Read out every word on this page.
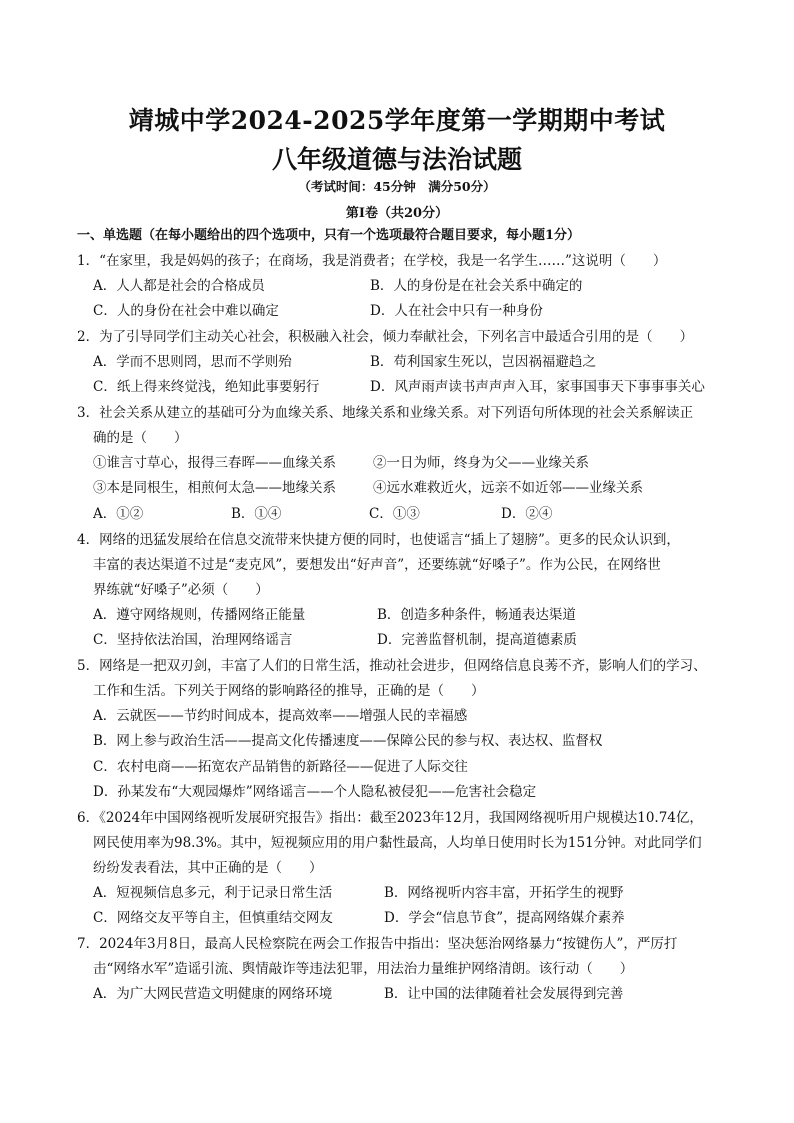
靖城中学2024-2025学年度第一学期期中考试
八年级道德与法治试题
（考试时间：45分钟　满分50分）
第Ⅰ卷（共20分）
一、单选题（在每小题给出的四个选项中，只有一个选项最符合题目要求，每小题1分）
1．“在家里，我是妈妈的孩子；在商场，我是消费者；在学校，我是一名学生……”这说明（　　）
A．人人都是社会的合格成员	B．人的身份是在社会关系中确定的
C．人的身份在社会中难以确定	D．人在社会中只有一种身份
2．为了引导同学们主动关心社会，积极融入社会，倾力奉献社会，下列名言中最适合引用的是（　　）
A．学而不思则罔，思而不学则殆	B．苟利国家生死以，岂因祸福避趋之
C．纸上得来终觉浅，绝知此事要躬行	D．风声雨声读书声声声入耳，家事国事天下事事事关心
3．社会关系从建立的基础可分为血缘关系、地缘关系和业缘关系。对下列语句所体现的社会关系解读正
确的是（　　）
①谁言寸草心，报得三春晖——血缘关系	②一日为师，终身为父——业缘关系
③本是同根生，相煎何太急——地缘关系	④远水难救近火，远亲不如近邻——业缘关系
A．①②	B．①④	C．①③	D．②④
4．网络的迅猛发展给在信息交流带来快捷方便的同时，也使谣言“插上了翅膀”。更多的民众认识到，
丰富的表达渠道不过是“麦克风”，要想发出“好声音”，还要练就“好嗓子”。作为公民，在网络世
界练就“好嗓子”必须（　　）
A．遵守网络规则，传播网络正能量	B．创造多种条件，畅通表达渠道
C．坚持依法治国，治理网络谣言	D．完善监督机制，提高道德素质
5．网络是一把双刃剑，丰富了人们的日常生活，推动社会进步，但网络信息良莠不齐，影响人们的学习、
工作和生活。下列关于网络的影响路径的推导，正确的是（　　）
A．云就医——节约时间成本，提高效率——增强人民的幸福感
B．网上参与政治生活——提高文化传播速度——保障公民的参与权、表达权、监督权
C．农村电商——拓宽农产品销售的新路径——促进了人际交往
D．孙某发布“大观园爆炸”网络谣言——个人隐私被侵犯——危害社会稳定
6．《2024年中国网络视听发展研究报告》指出：截至2023年12月，我国网络视听用户规模达10.74亿，
网民使用率为98.3%。其中，短视频应用的用户黏性最高，人均单日使用时长为151分钟。对此同学们
纷纷发表看法，其中正确的是（　　）
A．短视频信息多元，利于记录日常生活	B．网络视听内容丰富，开拓学生的视野
C．网络交友平等自主，但慎重结交网友	D．学会“信息节食”，提高网络媒介素养
7．2024年3月8日，最高人民检察院在两会工作报告中指出：坚决惩治网络暴力“按键伤人”，严厉打
击“网络水军”造谣引流、舆情敲诈等违法犯罪，用法治力量维护网络清朗。该行动（　　）
A．为广大网民营造文明健康的网络环境	B．让中国的法律随着社会发展得到完善
